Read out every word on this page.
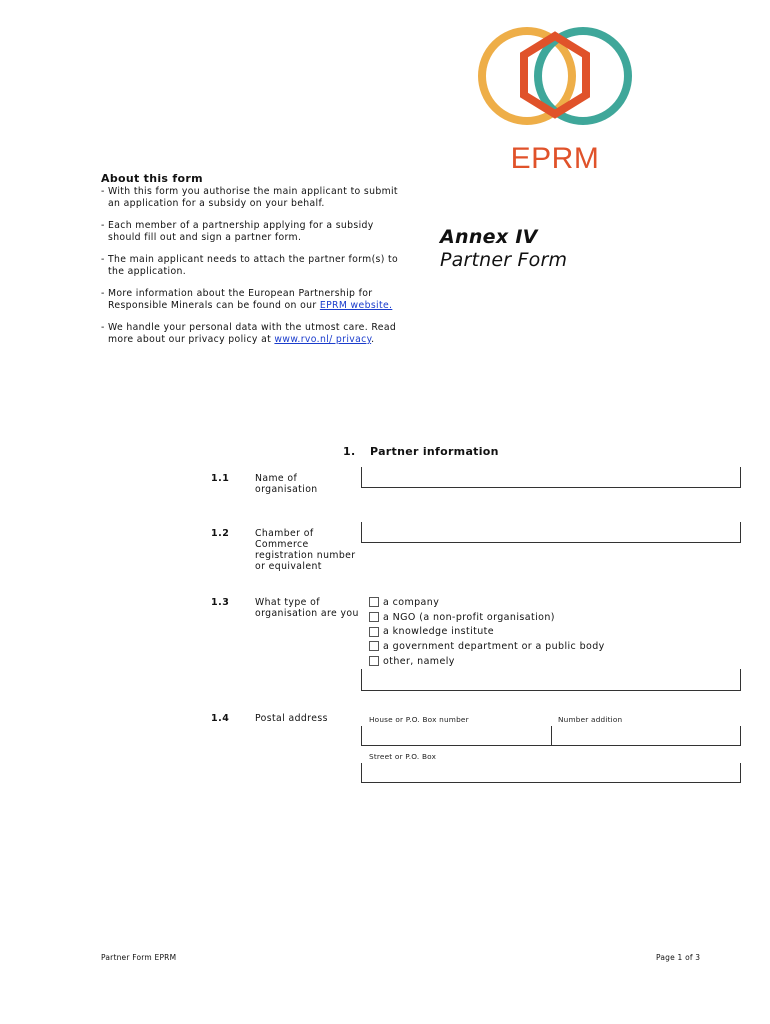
EPRM
About this form

- With this form you authorise the main applicant to submit an application for a subsidy on your behalf.

- Each member of a partnership applying for a subsidy should fill out and sign a partner form.

- The main applicant needs to attach the partner form(s) to the application.

- More information about the European Partnership for Responsible Minerals can be found on our EPRM website.

- We handle your personal data with the utmost care. Read more about our privacy policy at www.rvo.nl/ privacy.

Annex IV
Partner Form
1. Partner information
1.1	Name of organisation
1.2	Chamber of Commerce registration number or equivalent
1.3	What type of organisation are you
a company
a NGO (a non-profit organisation)
a knowledge institute
a government department or a public body
other, namely
1.4	Postal address	House or P.O. Box number	Number addition
Street or P.O. Box
Partner Form EPRM	Page 1 of 3
